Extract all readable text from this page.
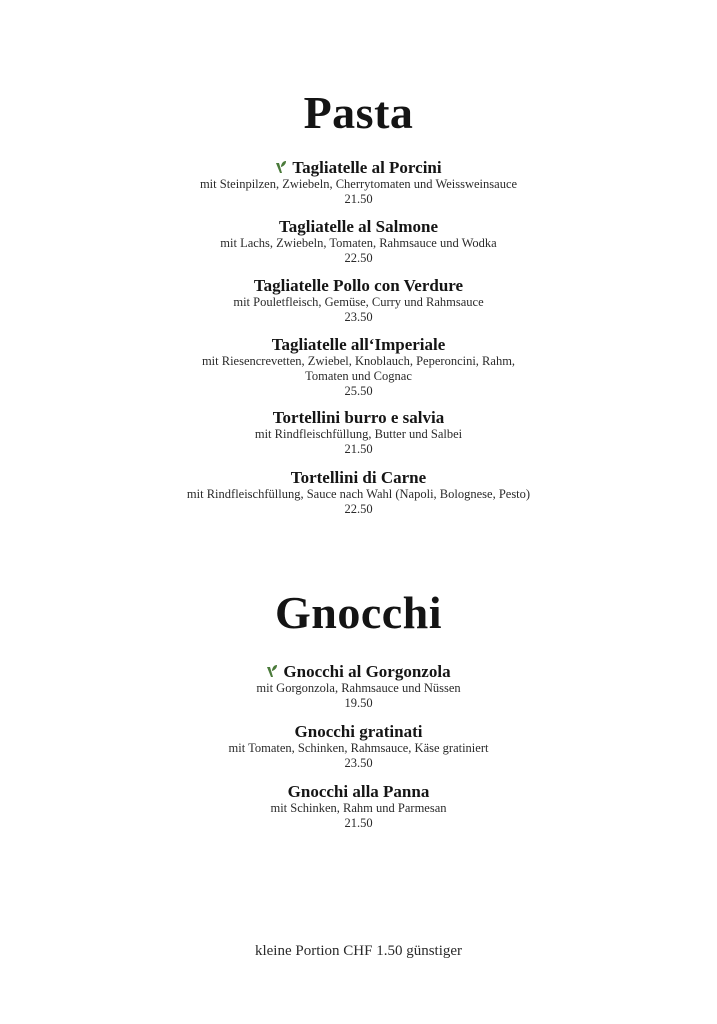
Pasta
Tagliatelle al Porcini
mit Steinpilzen, Zwiebeln, Cherrytomaten und Weissweinsauce
21.50
Tagliatelle al Salmone
mit Lachs, Zwiebeln, Tomaten, Rahmsauce und Wodka
22.50
Tagliatelle Pollo con Verdure
mit Pouletfleisch, Gemüse, Curry und Rahmsauce
23.50
Tagliatelle all‘Imperiale
mit Riesencrevetten, Zwiebel, Knoblauch, Peperoncini, Rahm, Tomaten und Cognac
25.50
Tortellini burro e salvia
mit Rindfleischfüllung, Butter und Salbei
21.50
Tortellini di Carne
mit Rindfleischfüllung, Sauce nach Wahl (Napoli, Bolognese, Pesto)
22.50
Gnocchi
Gnocchi al Gorgonzola
mit Gorgonzola, Rahmsauce und Nüssen
19.50
Gnocchi gratinati
mit Tomaten, Schinken, Rahmsauce, Käse gratiniert
23.50
Gnocchi alla Panna
mit Schinken, Rahm und Parmesan
21.50
kleine Portion CHF 1.50 günstiger
